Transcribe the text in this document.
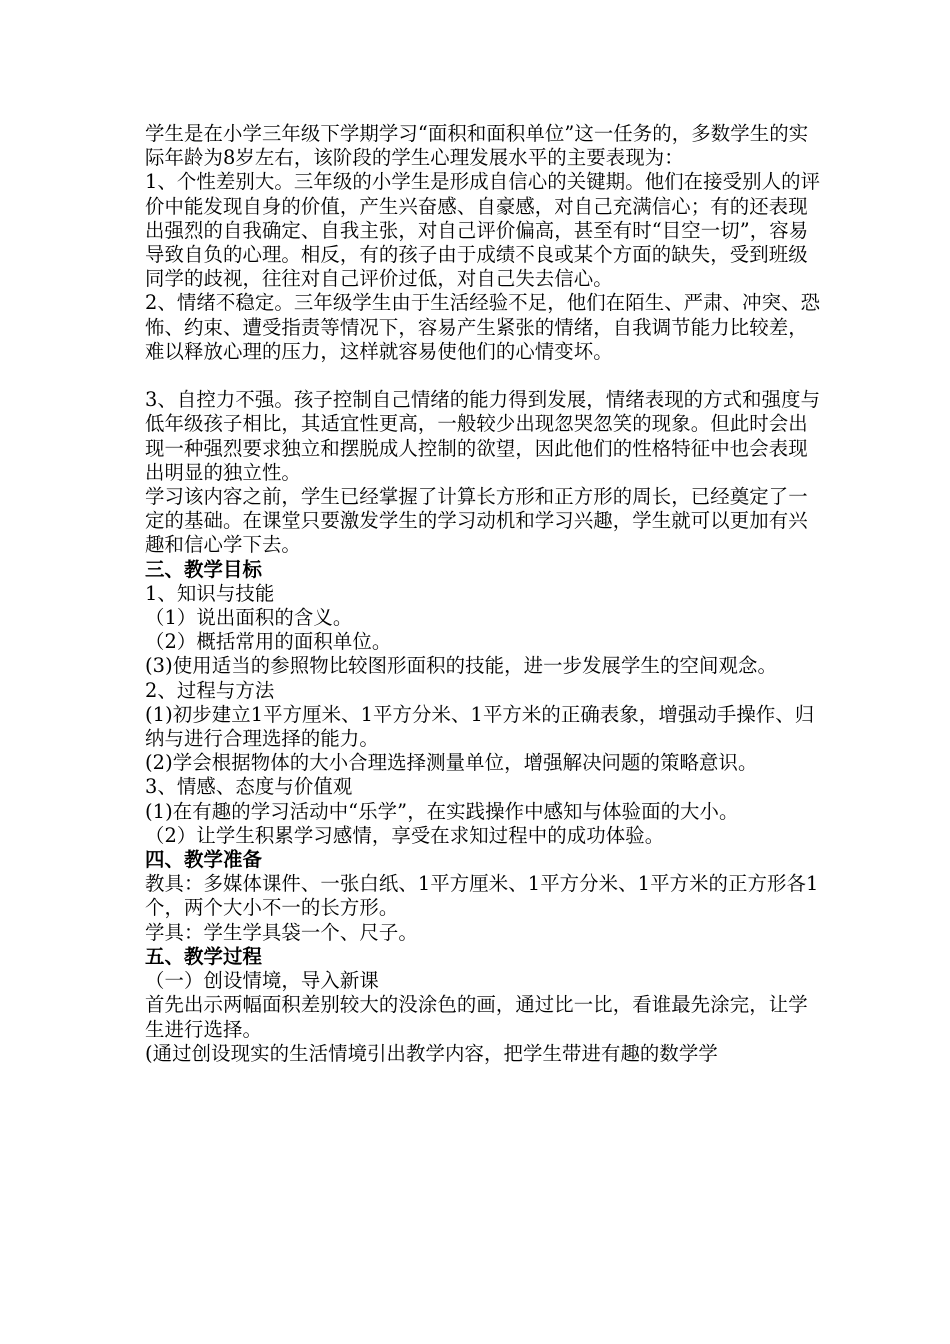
学生是在小学三年级下学期学习“面积和面积单位”这一任务的，多数学生的实际年龄为8岁左右，该阶段的学生心理发展水平的主要表现为：

1、个性差别大。三年级的小学生是形成自信心的关键期。他们在接受别人的评价中能发现自身的价值，产生兴奋感、自豪感，对自己充满信心；有的还表现出强烈的自我确定、自我主张，对自己评价偏高，甚至有时“目空一切”，容易导致自负的心理。相反，有的孩子由于成绩不良或某个方面的缺失，受到班级同学的歧视，往往对自己评价过低，对自己失去信心。

2、情绪不稳定。三年级学生由于生活经验不足，他们在陌生、严肃、冲突、恐怖、约束、遭受指责等情况下，容易产生紧张的情绪，自我调节能力比较差，难以释放心理的压力，这样就容易使他们的心情变坏。

3、自控力不强。孩子控制自己情绪的能力得到发展，情绪表现的方式和强度与低年级孩子相比，其适宜性更高，一般较少出现忽哭忽笑的现象。但此时会出现一种强烈要求独立和摆脱成人控制的欲望，因此他们的性格特征中也会表现出明显的独立性。

学习该内容之前，学生已经掌握了计算长方形和正方形的周长，已经奠定了一定的基础。在课堂只要激发学生的学习动机和学习兴趣，学生就可以更加有兴趣和信心学下去。

三、教学目标

1、知识与技能

（1）说出面积的含义。

（2）概括常用的面积单位。

(3)使用适当的参照物比较图形面积的技能，进一步发展学生的空间观念。

2、过程与方法

(1)初步建立1平方厘米、1平方分米、1平方米的正确表象，增强动手操作、归纳与进行合理选择的能力。

(2)学会根据物体的大小合理选择测量单位，增强解决问题的策略意识。

3、情感、态度与价值观

(1)在有趣的学习活动中“乐学”，在实践操作中感知与体验面的大小。

（2）让学生积累学习感情，享受在求知过程中的成功体验。

四、教学准备

教具：多媒体课件、一张白纸、1平方厘米、1平方分米、1平方米的正方形各1个，两个大小不一的长方形。

学具：学生学具袋一个、尺子。

五、教学过程

（一）创设情境，导入新课

首先出示两幅面积差别较大的没涂色的画，通过比一比，看谁最先涂完，让学生进行选择。

(通过创设现实的生活情境引出教学内容，把学生带进有趣的数学学
